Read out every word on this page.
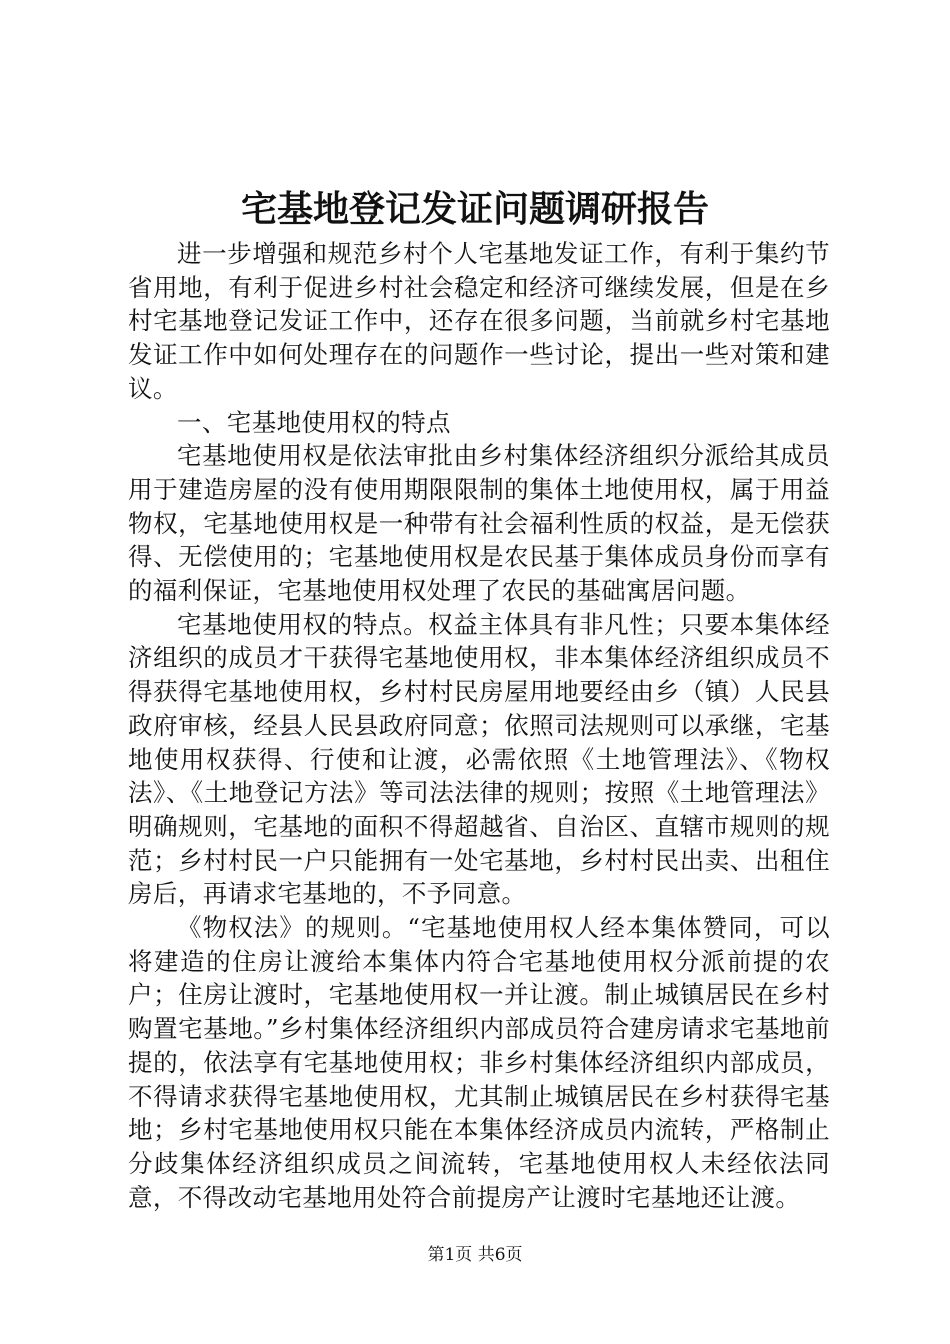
宅基地登记发证问题调研报告

进一步增强和规范乡村个人宅基地发证工作，有利于集约节省用地，有利于促进乡村社会稳定和经济可继续发展，但是在乡村宅基地登记发证工作中，还存在很多问题，当前就乡村宅基地发证工作中如何处理存在的问题作一些讨论，提出一些对策和建议。

一、宅基地使用权的特点

宅基地使用权是依法审批由乡村集体经济组织分派给其成员用于建造房屋的没有使用期限限制的集体土地使用权，属于用益物权，宅基地使用权是一种带有社会福利性质的权益，是无偿获得、无偿使用的；宅基地使用权是农民基于集体成员身份而享有的福利保证，宅基地使用权处理了农民的基础寓居问题。

宅基地使用权的特点。权益主体具有非凡性；只要本集体经济组织的成员才干获得宅基地使用权，非本集体经济组织成员不得获得宅基地使用权，乡村村民房屋用地要经由乡（镇）人民县政府审核，经县人民县政府同意；依照司法规则可以承继，宅基地使用权获得、行使和让渡，必需依照《土地管理法》、《物权法》、《土地登记方法》等司法法律的规则；按照《土地管理法》明确规则，宅基地的面积不得超越省、自治区、直辖市规则的规范；乡村村民一户只能拥有一处宅基地，乡村村民出卖、出租住房后，再请求宅基地的，不予同意。

《物权法》的规则。“宅基地使用权人经本集体赞同，可以将建造的住房让渡给本集体内符合宅基地使用权分派前提的农户；住房让渡时，宅基地使用权一并让渡。制止城镇居民在乡村购置宅基地。”乡村集体经济组织内部成员符合建房请求宅基地前提的，依法享有宅基地使用权；非乡村集体经济组织内部成员，不得请求获得宅基地使用权，尤其制止城镇居民在乡村获得宅基地；乡村宅基地使用权只能在本集体经济成员内流转，严格制止分歧集体经济组织成员之间流转，宅基地使用权人未经依法同意，不得改动宅基地用处符合前提房产让渡时宅基地还让渡。

第1页 共6页
